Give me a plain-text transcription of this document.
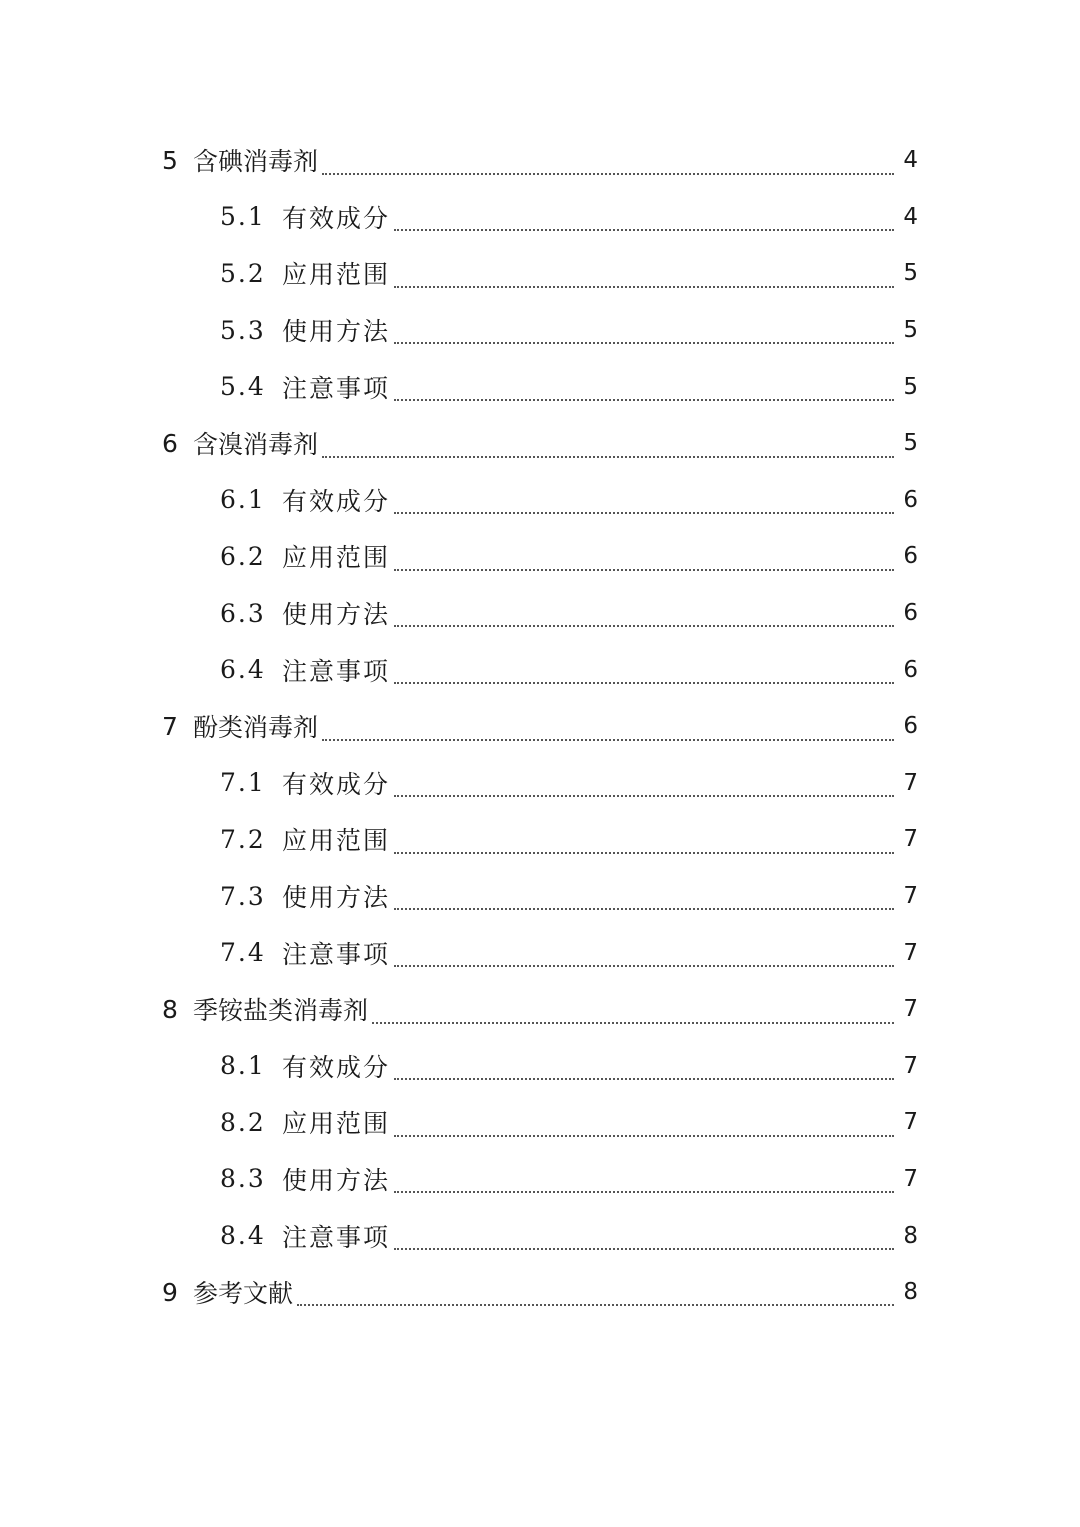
5 含碘消毒剂	4
5.1 有效成分	4
5.2 应用范围	5
5.3 使用方法	5
5.4 注意事项	5
6 含溴消毒剂	5
6.1 有效成分	6
6.2 应用范围	6
6.3 使用方法	6
6.4 注意事项	6
7 酚类消毒剂	6
7.1 有效成分	7
7.2 应用范围	7
7.3 使用方法	7
7.4 注意事项	7
8 季铵盐类消毒剂	7
8.1 有效成分	7
8.2 应用范围	7
8.3 使用方法	7
8.4 注意事项	8
9 参考文献	8
